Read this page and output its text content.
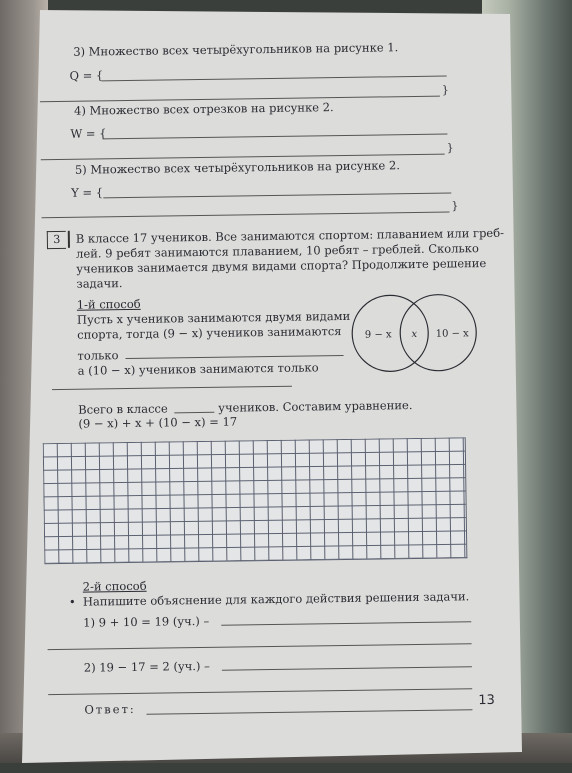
3) Множество всех четырёхугольников на рисунке 1.
Q = {
}
4) Множество всех отрезков на рисунке 2.
W = {
}
5) Множество всех четырёхугольников на рисунке 2.
Y = {
}
3	В классе 17 учеников. Все занимаются спортом: плаванием или греб-
лей. 9 ребят занимаются плаванием, 10 ребят – греблей. Сколько
учеников занимается двумя видами спорта? Продолжите решение
задачи.
1-й способ
Пусть x учеников занимаются двумя видами
спорта, тогда (9 − x) учеников занимаются
только
а (10 − x) учеников занимаются только
9 − x x 10 − x
Всего в классе	учеников. Составим уравнение.
(9 − x) + x + (10 − x) = 17
2-й способ
• Напишите объяснение для каждого действия решения задачи.
1) 9 + 10 = 19 (уч.) –
2) 19 − 17 = 2 (уч.) –
Ответ:
13
